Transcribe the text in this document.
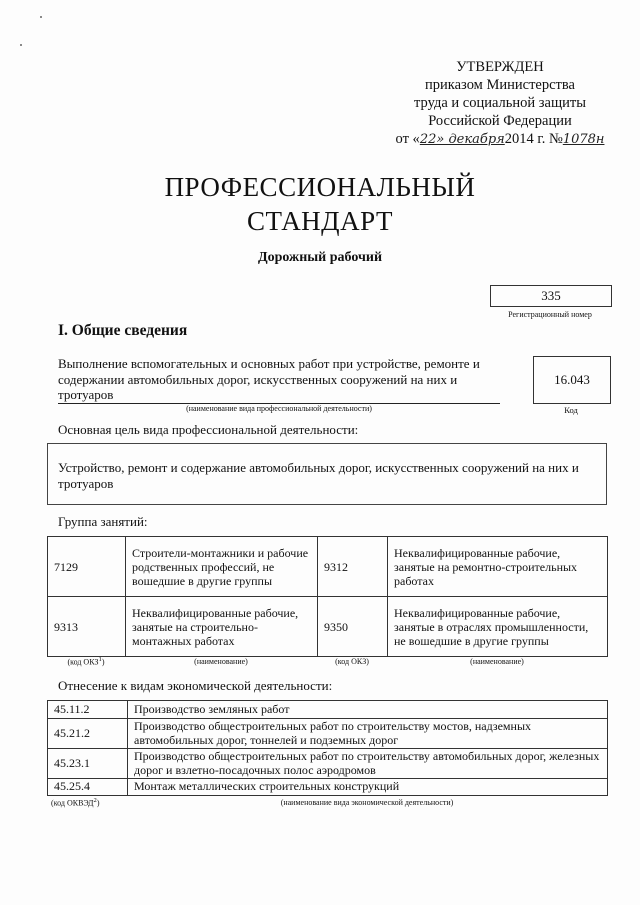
УТВЕРЖДЕН
приказом Министерства
труда и социальной защиты
Российской Федерации
от «22» декабря2014 г. №1078н
ПРОФЕССИОНАЛЬНЫЙ
СТАНДАРТ
Дорожный рабочий
335
Регистрационный номер
I. Общие сведения
Выполнение вспомогательных и основных работ при устройстве, ремонте и содержании автомобильных дорог, искусственных сооружений на них и тротуаров
(наименование вида профессиональной деятельности)
16.043
Код
Основная цель вида профессиональной деятельности:
Устройство, ремонт и содержание автомобильных дорог, искусственных сооружений на них и тротуаров
Группа занятий:
7129	Строители-монтажники и рабочие родственных профессий, не вошедшие в другие группы	9312	Неквалифицированные рабочие, занятые на ремонтно-строительных работах
9313	Неквалифицированные рабочие, занятые на строительно-монтажных работах	9350	Неквалифицированные рабочие, занятые в отраслях промышленности, не вошедшие в другие группы
(код ОКЗ$^1$)	(наименование)	(код ОКЗ)	(наименование)
Отнесение к видам экономической деятельности:
45.11.2	Производство земляных работ
45.21.2	Производство общестроительных работ по строительству мостов, надземных автомобильных дорог, тоннелей и подземных дорог
45.23.1	Производство общестроительных работ по строительству автомобильных дорог, железных дорог и взлетно-посадочных полос аэродромов
45.25.4	Монтаж металлических строительных конструкций
(код ОКВЭД$^2$)	(наименование вида экономической деятельности)
